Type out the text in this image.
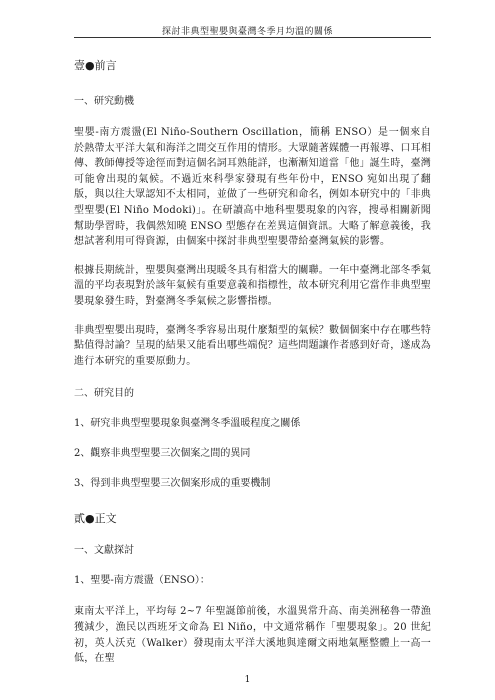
探討非典型聖嬰與臺灣冬季月均溫的關係
壹●前言
一、研究動機

聖嬰-南方震盪(El Niño-Southern Oscillation，簡稱 ENSO）是一個來自於熱帶太平洋大氣和海洋之間交互作用的情形。大眾隨著媒體一再報導、口耳相傳、教師傳授等途徑而對這個名詞耳熟能詳，也漸漸知道當「他」誕生時，臺灣可能會出現的氣候。不過近來科學家發現有些年份中，ENSO 宛如出現了翻版，與以往大眾認知不太相同，並做了一些研究和命名，例如本研究中的「非典型聖嬰(El Niño Modoki)」。在研讀高中地科聖嬰現象的內容，搜尋相關新聞幫助學習時，我偶然知曉 ENSO 型態存在差異這個資訊。大略了解意義後，我想試著利用可得資源，由個案中探討非典型聖嬰帶給臺灣氣候的影響。

根據長期統計，聖嬰與臺灣出現暖冬具有相當大的關聯。一年中臺灣北部冬季氣溫的平均表現對於該年氣候有重要意義和指標性，故本研究利用它當作非典型聖嬰現象發生時，對臺灣冬季氣候之影響指標。

非典型聖嬰出現時，臺灣冬季容易出現什麼類型的氣候？數個個案中存在哪些特點值得討論？呈現的結果又能看出哪些端倪？這些問題讓作者感到好奇，遂成為進行本研究的重要原動力。

二、研究目的
1、研究非典型聖嬰現象與臺灣冬季溫暖程度之關係
2、觀察非典型聖嬰三次個案之間的異同
3、得到非典型聖嬰三次個案形成的重要機制
貳●正文
一、文獻探討
1、聖嬰-南方震盪（ENSO）：

東南太平洋上，平均每 2~7 年聖誕節前後，水溫異常升高、南美洲秘魯一帶漁獲減少，漁民以西班牙文命為 El Niño，中文通常稱作「聖嬰現象」。20 世紀初，英人沃克（Walker）發現南太平洋大溪地與達爾文兩地氣壓整體上一高一低，在聖

1
